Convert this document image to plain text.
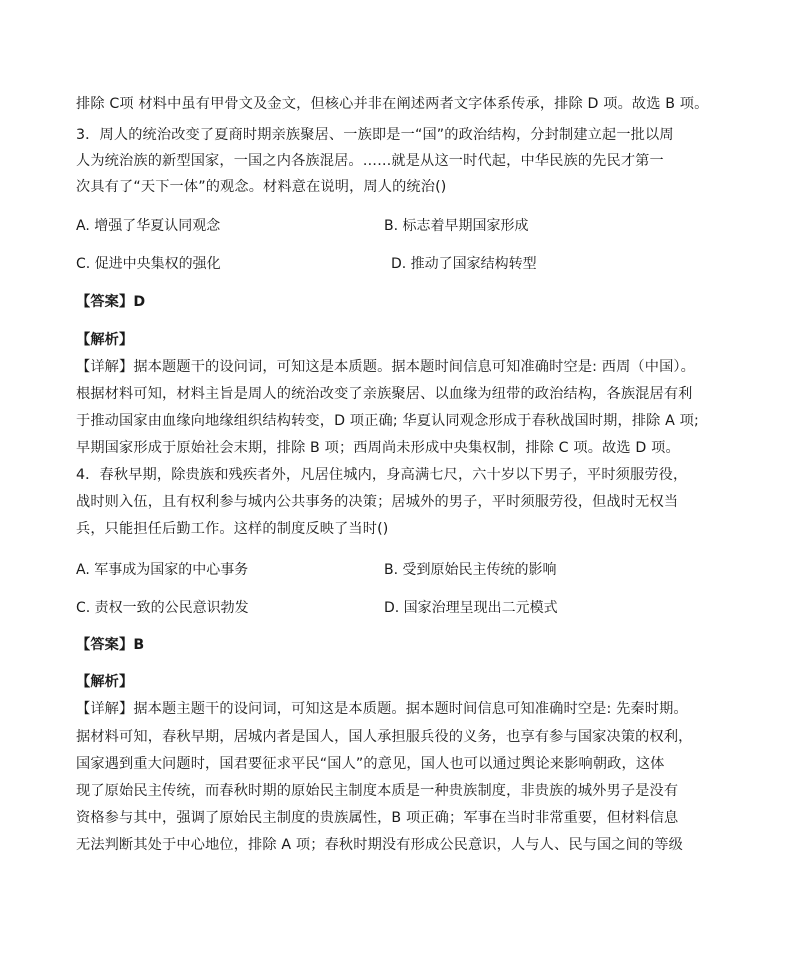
排除 C项 材料中虽有甲骨文及金文，但核心并非在阐述两者文字体系传承，排除 D 项。故选 B 项。
3．周人的统治改变了夏商时期亲族聚居、一族即是一“国”的政治结构，分封制建立起一批以周
人为统治族的新型国家，一国之内各族混居。……就是从这一时代起，中华民族的先民才第一
次具有了“天下一体”的观念。材料意在说明，周人的统治()
A. 增强了华夏认同观念	B. 标志着早期国家形成
C. 促进中央集权的强化	D. 推动了国家结构转型
【答案】D
【解析】
【详解】据本题题干的设问词，可知这是本质题。据本题时间信息可知准确时空是: 西周（中国）。
根据材料可知，材料主旨是周人的统治改变了亲族聚居、以血缘为纽带的政治结构，各族混居有利
于推动国家由血缘向地缘组织结构转变，D 项正确; 华夏认同观念形成于春秋战国时期，排除 A 项;
早期国家形成于原始社会末期，排除 B 项；西周尚未形成中央集权制，排除 C 项。故选 D 项。
4．春秋早期，除贵族和残疾者外，凡居住城内，身高满七尺，六十岁以下男子，平时须服劳役，
战时则入伍，且有权利参与城内公共事务的决策；居城外的男子，平时须服劳役，但战时无权当
兵，只能担任后勤工作。这样的制度反映了当时()
A. 军事成为国家的中心事务	B. 受到原始民主传统的影响
C. 责权一致的公民意识勃发	D. 国家治理呈现出二元模式
【答案】B
【解析】
【详解】据本题主题干的设问词，可知这是本质题。据本题时间信息可知准确时空是: 先秦时期。
据材料可知，春秋早期，居城内者是国人，国人承担服兵役的义务，也享有参与国家决策的权利，
国家遇到重大问题时，国君要征求平民“国人”的意见，国人也可以通过舆论来影响朝政，这体
现了原始民主传统，而春秋时期的原始民主制度本质是一种贵族制度，非贵族的城外男子是没有
资格参与其中，强调了原始民主制度的贵族属性，B 项正确；军事在当时非常重要，但材料信息
无法判断其处于中心地位，排除 A 项；春秋时期没有形成公民意识，人与人、民与国之间的等级
